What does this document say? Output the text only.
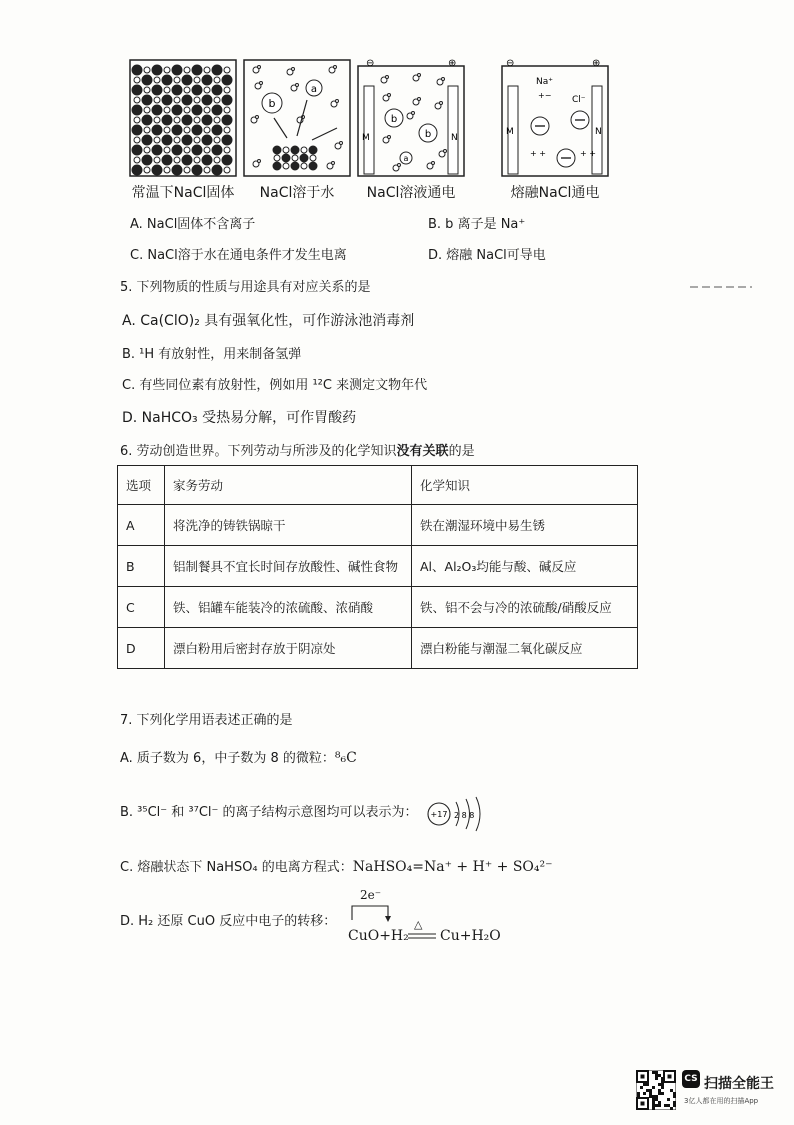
常温下NaCl固体
b
a
NaCl溶于水
⊖	⊕
M	N
b
b
a
NaCl溶液通电
⊖	⊕
Na⁺
Cl⁻
M	N
+−
+ +	+ +
熔融NaCl通电
A. NaCl固体不含离子	B. b 离子是 Na⁺
C. NaCl溶于水在通电条件才发生电离	D. 熔融 NaCl可导电
5. 下列物质的性质与用途具有对应关系的是
A. Ca(ClO)₂ 具有强氧化性，可作游泳池消毒剂
B. ¹H 有放射性，用来制备氢弹
C. 有些同位素有放射性，例如用 ¹²C 来测定文物年代
D. NaHCO₃ 受热易分解，可作胃酸药
6. 劳动创造世界。下列劳动与所涉及的化学知识没有关联的是
选项	家务劳动	化学知识
A	将洗净的铸铁锅晾干	铁在潮湿环境中易生锈
B	铝制餐具不宜长时间存放酸性、碱性食物	Al、Al₂O₃均能与酸、碱反应
C	铁、铝罐车能装冷的浓硫酸、浓硝酸	铁、铝不会与冷的浓硫酸/硝酸反应
D	漂白粉用后密封存放于阴凉处	漂白粉能与潮湿二氧化碳反应
7. 下列化学用语表述正确的是
A. 质子数为 6，中子数为 8 的微粒：⁸₆C
B. ³⁵Cl⁻ 和 ³⁷Cl⁻ 的离子结构示意图均可以表示为： +17 2 8 8
C. 熔融状态下 NaHSO₄ 的电离方程式：NaHSO₄=Na⁺ + H⁺ + SO₄²⁻
D. H₂ 还原 CuO 反应中电子的转移：
2e⁻
CuO+H₂
△
Cu+H₂O
CS 扫描全能王
3亿人都在用的扫描App
